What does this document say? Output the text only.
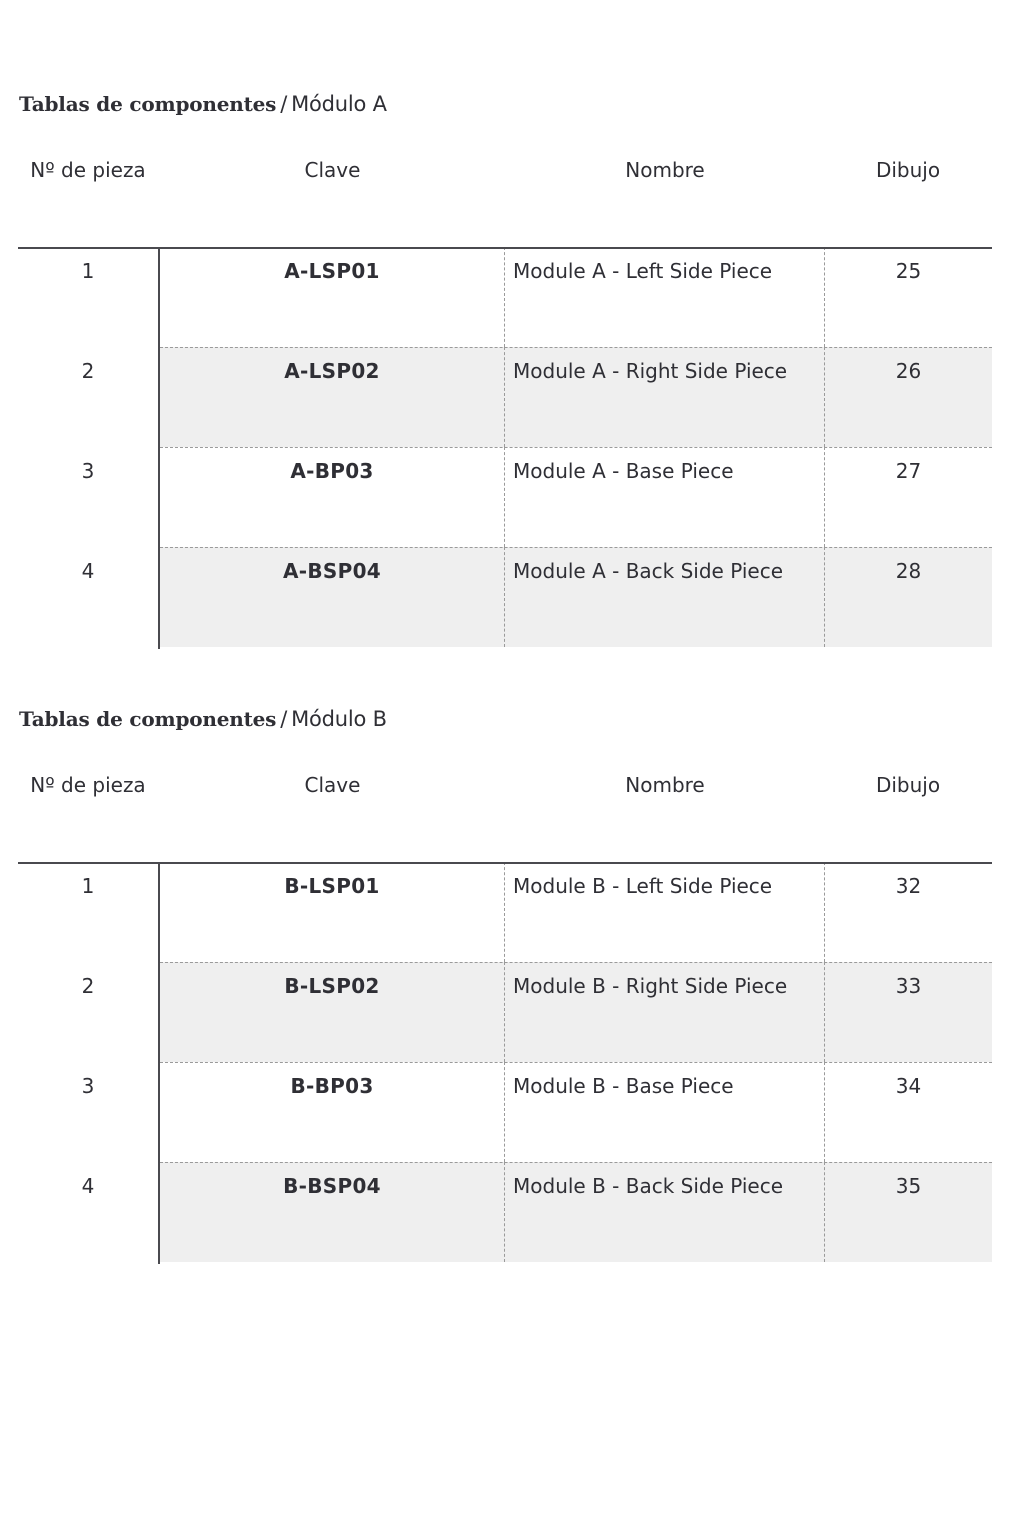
Tablas de componentes / Módulo A
Nº de pieza	Clave	Nombre	Dibujo
1	A-LSP01	Module A - Left Side Piece	25
2	A-LSP02	Module A - Right Side Piece	26
3	A-BP03	Module A - Base Piece	27
4	A-BSP04	Module A - Back Side Piece	28
Tablas de componentes / Módulo B
Nº de pieza	Clave	Nombre	Dibujo
1	B-LSP01	Module B - Left Side Piece	32
2	B-LSP02	Module B - Right Side Piece	33
3	B-BP03	Module B - Base Piece	34
4	B-BSP04	Module B - Back Side Piece	35
